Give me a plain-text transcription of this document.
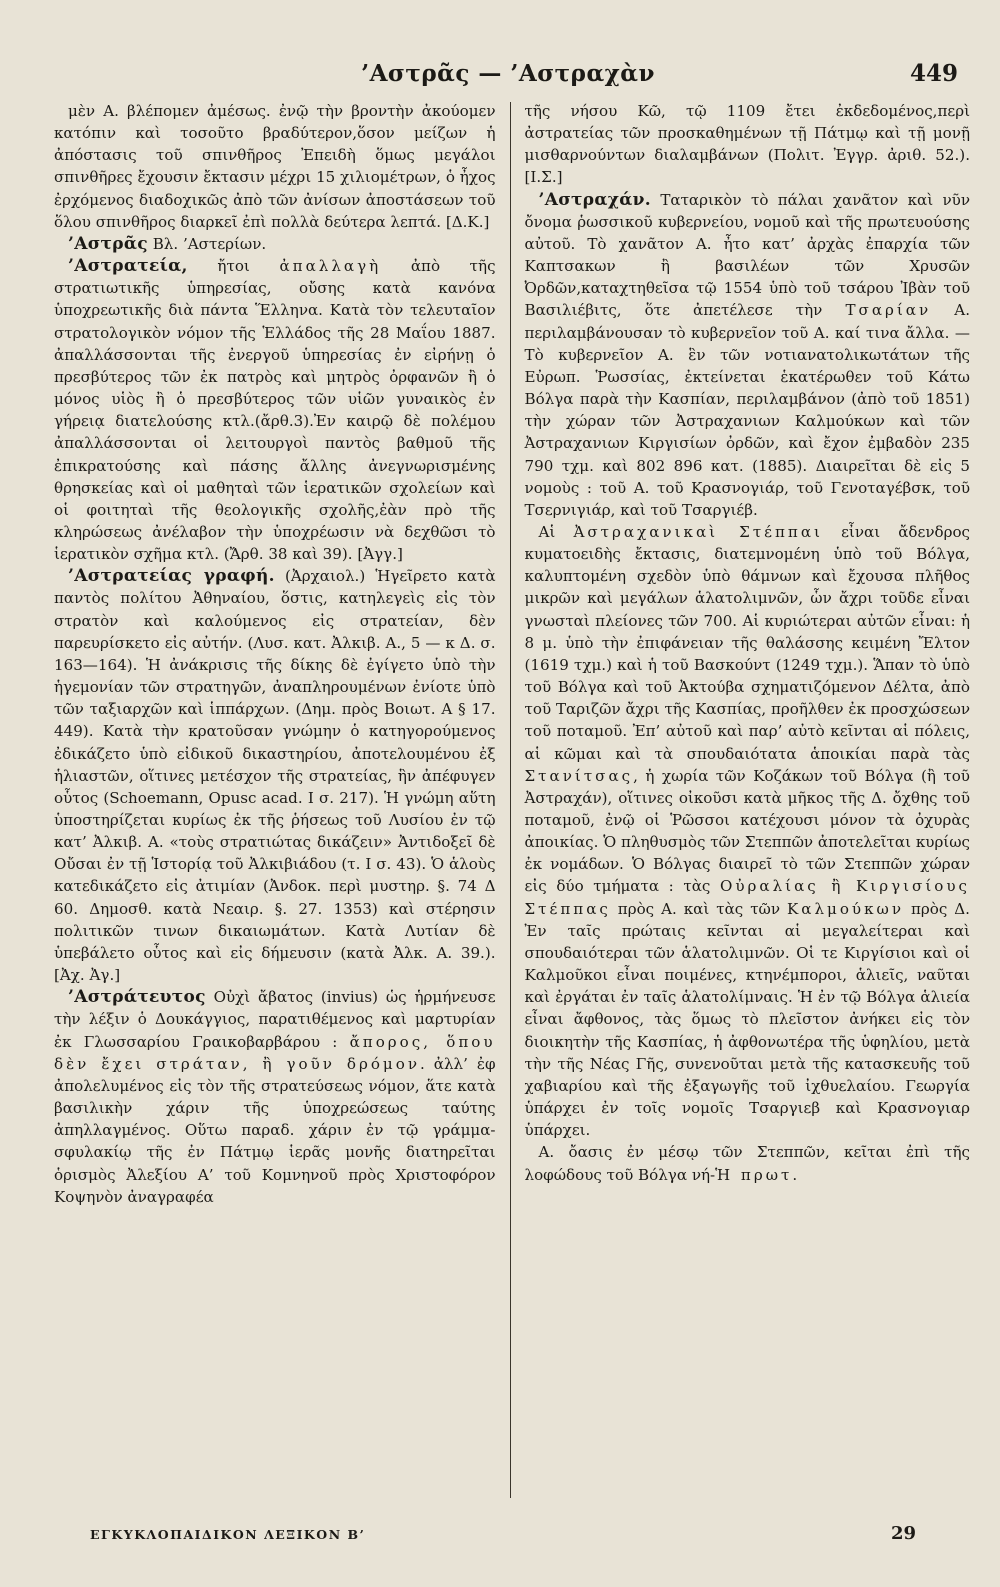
’Αστρᾶς — ’Αστραχὰν	449

μὲν Α. βλέπομεν ἀμέσως. ἐνῷ τὴν βροντὴν ἀκούομεν κατόπιν καὶ τοσοῦτο βραδύτερον,ὅσον μείζων ἡ ἀπόστασις τοῦ σπινθῆρος Ἐπειδὴ ὅμως μεγάλοι σπινθῆρες ἔχουσιν ἔκτασιν μέχρι 15 χιλιομέτρων, ὁ ἦχος ἐρχόμενος διαδοχικῶς ἀπὸ τῶν ἀνίσων ἀποστάσεων τοῦ ὅλου σπινθῆρος διαρκεῖ ἐπὶ πολλὰ δεύτερα λεπτά. [Δ.Κ.]

’Αστρᾶς Βλ. ’Αστερίων.

’Αστρατεία, ἤτοι ἀπαλλαγὴ ἀπὸ τῆς στρατιωτικῆς ὑπηρεσίας, οὔσης κατὰ κανόνα ὑποχρεωτικῆς διὰ πάντα Ἕλληνα. Κατὰ τὸν τελευταῖον στρατολογικὸν νόμον τῆς Ἑλλάδος τῆς 28 Μαΐου 1887. ἀπαλλάσσονται τῆς ἐνεργοῦ ὑπηρεσίας ἐν εἰρήνῃ ὁ πρεσβύτερος τῶν ἐκ πατρὸς καὶ μητρὸς ὀρφανῶν ἢ ὁ μόνος υἱὸς ἢ ὁ πρεσβύτερος τῶν υἱῶν γυναικὸς ἐν γήρειᾳ διατελούσης κτλ.(ἄρθ.3).Ἐν καιρῷ δὲ πολέμου ἀπαλλάσσονται οἱ λειτουργοὶ παντὸς βαθμοῦ τῆς ἐπικρατούσης καὶ πάσης ἄλλης ἀνεγνωρισμένης θρησκείας καὶ οἱ μαθηταὶ τῶν ἱερατικῶν σχολείων καὶ οἱ φοιτηταὶ τῆς θεολογικῆς σχολῆς,ἐὰν πρὸ τῆς κληρώσεως ἀνέλαβον τὴν ὑποχρέωσιν νὰ δεχθῶσι τὸ ἱερατικὸν σχῆμα κτλ. (Ἄρθ. 38 καὶ 39). [Ἀγγ.]

’Αστρατείας γραφή. (Ἀρχαιολ.) Ἡγεῖρετο κατὰ παντὸς πολίτου Ἀθηναίου, ὅστις, κατηλεγεὶς εἰς τὸν στρατὸν καὶ καλούμενος εἰς στρατείαν, δὲν παρευρίσκετο εἰς αὐτήν. (Λυσ. κατ. Ἀλκιβ. Α., 5 — κ Δ. σ. 163—164). Ἡ ἀνάκρισις τῆς δίκης δὲ ἐγίγετο ὑπὸ τὴν ἡγεμονίαν τῶν στρατηγῶν, ἀναπληρουμένων ἐνίοτε ὑπὸ τῶν ταξιαρχῶν καὶ ἱππάρχων. (Δημ. πρὸς Βοιωτ. Α § 17. 449). Κατὰ τὴν κρατοῦσαν γνώμην ὁ κατηγορούμενος ἐδικάζετο ὑπὸ εἰδικοῦ δικαστηρίου, ἀποτελουμένου ἐξ ἡλιαστῶν, οἵτινες μετέσχον τῆς στρατείας, ἣν ἀπέφυγεν οὗτος (Schoemann, Opusc acad. I σ. 217). Ἡ γνώμη αὕτη ὑποστηρίζεται κυρίως ἐκ τῆς ῥήσεως τοῦ Λυσίου ἐν τῷ κατ’ Ἀλκιβ. Α. «τοὺς στρατιώτας δικάζειν» Ἀντιδοξεῖ δὲ Οὔσαι ἐν τῇ Ἱστορίᾳ τοῦ Ἀλκιβιάδου (τ. Ι σ. 43). Ὁ ἁλοὺς κατεδικάζετο εἰς ἀτιμίαν (Ἀνδοκ. περὶ μυστηρ. §. 74 Δ 60. Δημοσθ. κατὰ Νεαιρ. §. 27. 1353) καὶ στέρησιν πολιτικῶν τινων δικαιωμάτων. Κατὰ Λυτίαν δὲ ὑπεβάλετο οὗτος καὶ εἰς δήμευσιν (κατὰ Ἀλκ. Α. 39.). [Ἀχ. Ἀγ.]

’Αστράτευτος Οὐχὶ ἄβατος (invius) ὡς ἡρμήνευσε τὴν λέξιν ὁ Δουκάγγιος, παρατιθέμενος καὶ μαρτυρίαν ἐκ Γλωσσαρίου Γραικοβαρβάρου : ἄπορος, ὅπου δὲν ἔχει στράταν, ἢ γοῦν δρόμον. ἀλλ’ ἐφ ἀπολελυμένος εἰς τὸν τῆς στρατεύσεως νόμον, ἅτε κατὰ βασιλικὴν χάριν τῆς ὑποχρεώσεως ταύτης ἀπηλλαγμένος. Οὕτω παραδ. χάριν ἐν τῷ γράμμα-σφυλακίῳ τῆς ἐν Πάτμῳ ἱερᾶς μονῆς διατηρεῖται ὁρισμὸς Ἀλεξίου Α’ τοῦ Κομνηνοῦ πρὸς Χριστοφόρον Κοψηνὸν ἀναγραφέα

τῆς νήσου Κῶ, τῷ 1109 ἔτει ἐκδεδομένος,περὶ ἀστρατείας τῶν προσκαθημένων τῇ Πάτμῳ καὶ τῇ μονῇ μισθαρνούντων διαλαμβάνων (Πολιτ. Ἐγγρ. ἀριθ. 52.). [Ι.Σ.]

’Αστραχάν. Ταταρικὸν τὸ πάλαι χανᾶτον καὶ νῦν ὄνομα ῥωσσικοῦ κυβερνείου, νομοῦ καὶ τῆς πρωτευούσης αὐτοῦ. Τὸ χανᾶτον Α. ἦτο κατ’ ἀρχὰς ἐπαρχία τῶν Καπτσακων ἢ βασιλέων τῶν Χρυσῶν Ὀρδῶν,καταχτηθεῖσα τῷ 1554 ὑπὸ τοῦ τσάρου Ἰβὰν τοῦ Βασιλιέβιτς, ὅτε ἀπετέλεσε τὴν Τσαρίαν Α. περιλαμβάνουσαν τὸ κυβερνεῖον τοῦ Α. καί τινα ἄλλα. —Τὸ κυβερνεῖον Α. ἓν τῶν νοτιανατολικωτάτων τῆς Εὐρωπ. Ῥωσσίας, ἐκτείνεται ἑκατέρωθεν τοῦ Κάτω Βόλγα παρὰ τὴν Κασπίαν, περιλαμβάνον (ἀπὸ τοῦ 1851) τὴν χώραν τῶν Ἀστραχανιων Καλμούκων καὶ τῶν Ἀστραχανιων Κιργισίων ὀρδῶν, καὶ ἔχον ἐμβαδὸν 235 790 τχμ. καὶ 802 896 κατ. (1885). Διαιρεῖται δὲ εἰς 5 νομοὺς : τοῦ Α. τοῦ Κρασνογιάρ, τοῦ Γενοταγέβσκ, τοῦ Τσερνιγιάρ, καὶ τοῦ Τσαργιέβ.

Αἱ Ἀστραχανικαὶ Στέππαι εἶναι ἄδενδρος κυματοειδὴς ἔκτασις, διατεμνομένη ὑπὸ τοῦ Βόλγα, καλυπτομένη σχεδὸν ὑπὸ θάμνων καὶ ἔχουσα πλῆθος μικρῶν καὶ μεγάλων ἁλατολιμνῶν, ὧν ἄχρι τοῦδε εἶναι γνωσταὶ πλείονες τῶν 700. Αἱ κυριώτεραι αὐτῶν εἶναι: ἡ 8 μ. ὑπὸ τὴν ἐπιφάνειαν τῆς θαλάσσης κειμένη Ἔλτον (1619 τχμ.) καὶ ἡ τοῦ Βασκούντ (1249 τχμ.). Ἅπαν τὸ ὑπὸ τοῦ Βόλγα καὶ τοῦ Ἀκτούβα σχηματιζόμενον Δέλτα, ἀπὸ τοῦ Ταριζῶν ἄχρι τῆς Κασπίας, προῆλθεν ἐκ προσχώσεων τοῦ ποταμοῦ. Ἐπ’ αὐτοῦ καὶ παρ’ αὐτὸ κεῖνται αἱ πόλεις, αἱ κῶμαι καὶ τὰ σπουδαιότατα ἁποικίαι παρὰ τὰς Στανίτσας, ἡ χωρία τῶν Κοζάκων τοῦ Βόλγα (ἢ τοῦ Ἀστραχάν), οἵτινες οἰκοῦσι κατὰ μῆκος τῆς Δ. ὄχθης τοῦ ποταμοῦ, ἐνῷ οἱ Ῥῶσσοι κατέχουσι μόνον τὰ ὀχυρὰς ἀποικίας. Ὁ πληθυσμὸς τῶν Στεππῶν ἀποτελεῖται κυρίως ἐκ νομάδων. Ὁ Βόλγας διαιρεῖ τὸ τῶν Στεππῶν χώραν εἰς δύο τμήματα : τὰς Οὐραλίας ἢ Κιργισίους Στέππας πρὸς Α. καὶ τὰς τῶν Καλμούκων πρὸς Δ. Ἐν ταῖς πρώταις κεῖνται αἱ μεγαλείτεραι καὶ σπουδαιότεραι τῶν ἁλατολιμνῶν. Οἱ τε Κιργίσιοι καὶ οἱ Καλμοῦκοι εἶναι ποιμένες, κτηνέμποροι, ἁλιεῖς, ναῦται καὶ ἐργάται ἐν ταῖς ἁλατολίμναις. Ἡ ἐν τῷ Βόλγα ἁλιεία εἶναι ἄφθονος, τὰς ὅμως τὸ πλεῖστον ἀνήκει εἰς τὸν διοικητὴν τῆς Κασπίας, ἡ ἀφθονωτέρα τῆς ὑφηλίου, μετὰ τὴν τῆς Νέας Γῆς, συνενοῦται μετὰ τῆς κατασκευῆς τοῦ χαβιαρίου καὶ τῆς ἐξαγωγῆς τοῦ ἰχθυελαίου. Γεωργία ὑπάρχει ἐν τοῖς νομοῖς Τσαργιεβ καὶ Κρασνογιαρ ὑπάρχει.

Α. ὄασις ἐν μέσῳ τῶν Στεππῶν, κεῖται ἐπὶ τῆς λοφώδους τοῦ Βόλγα νή-Ἡ πρωτ.

ΕΓΚΥΚΛΟΠΑΙΔΙΚΟΝ ΛΕΞΙΚΟΝ Β’	29
